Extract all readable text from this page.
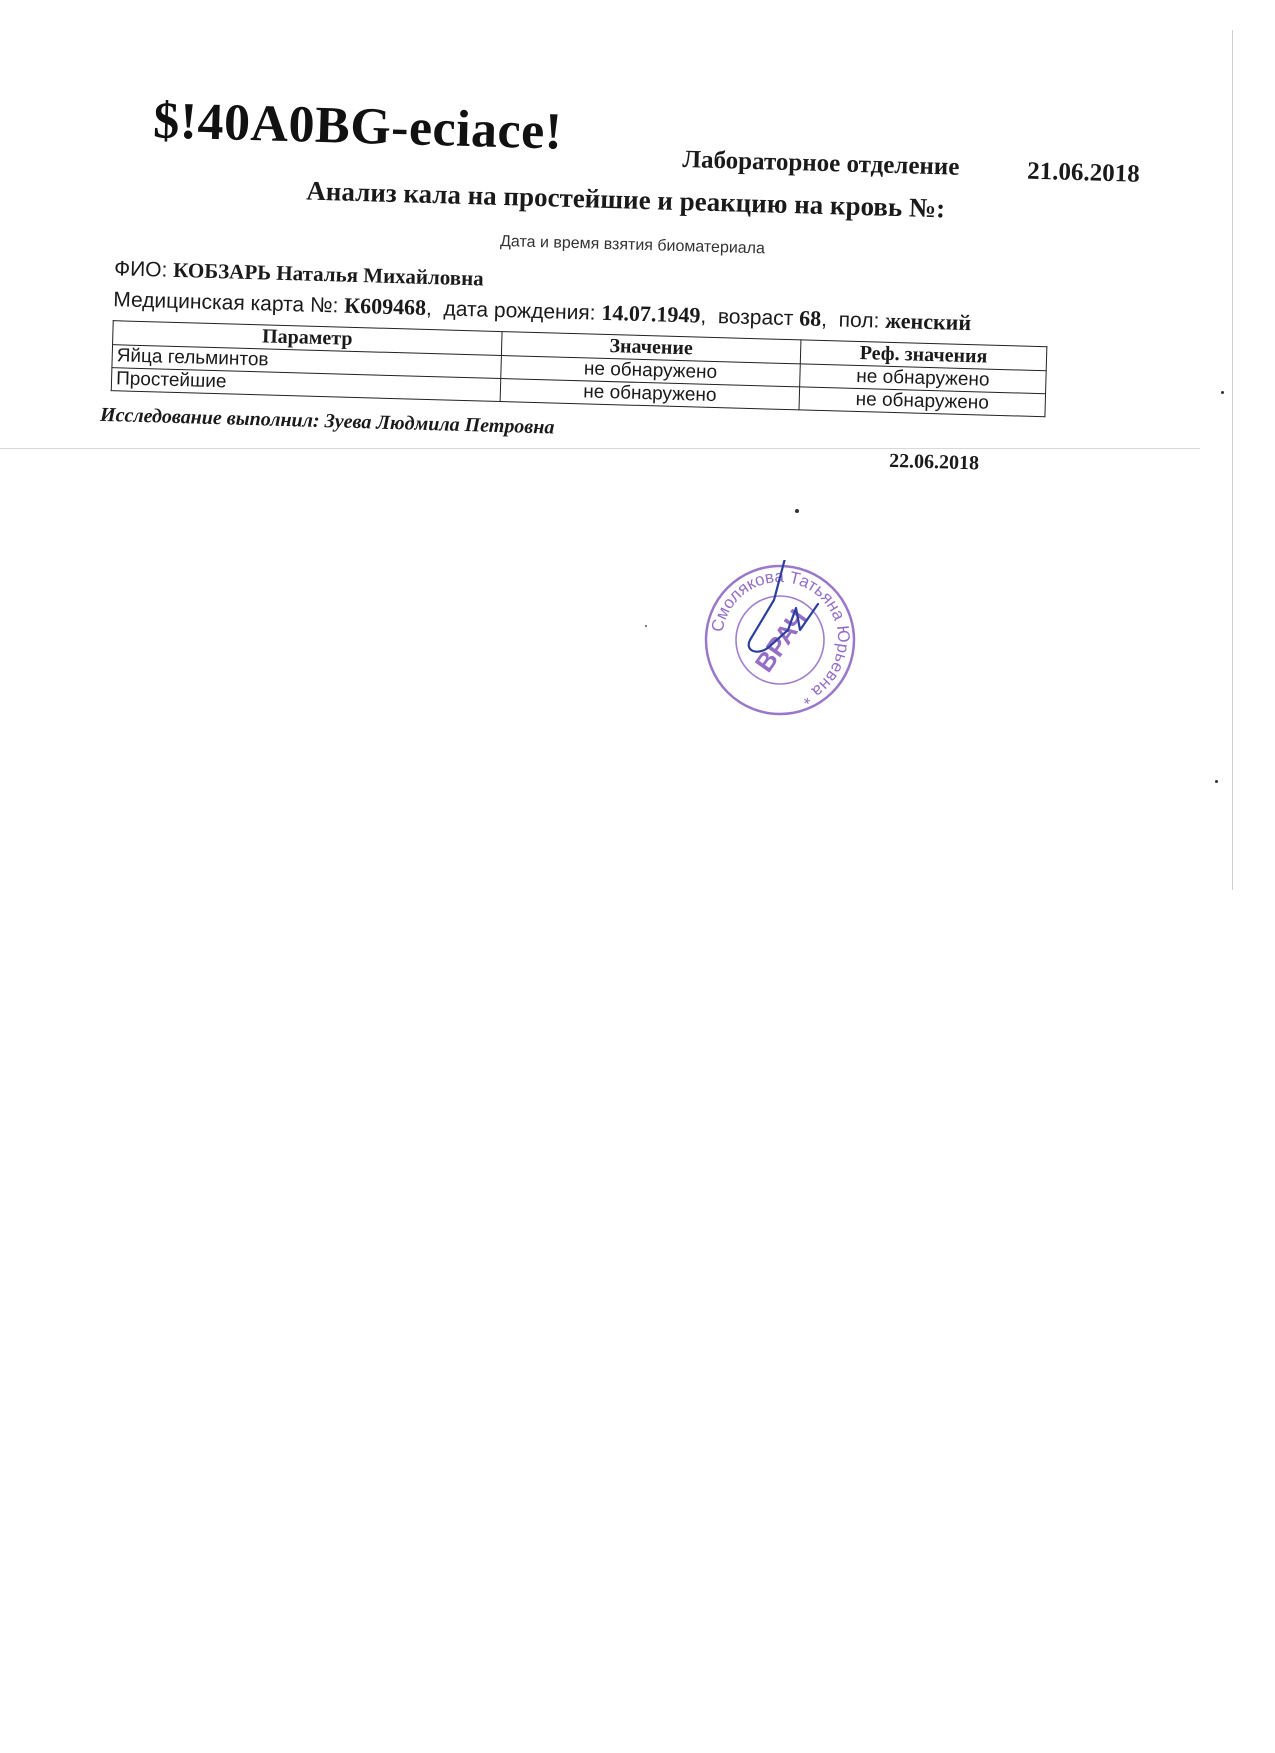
$!40A0BG-eciace!
Лабораторное отделение	21.06.2018
Анализ кала на простейшие и реакцию на кровь №:
Дата и время взятия биоматериала
ФИО: КОБЗАРЬ Наталья Михайловна
Медицинская карта №: К609468,  дата рождения: 14.07.1949,  возраст 68,  пол: женский
Параметр	Значение	Реф. значения
Яйца гельминтов	не обнаружено	не обнаружено
Простейшие	не обнаружено	не обнаружено
Исследование выполнил: Зуева Людмила Петровна
22.06.2018
Смолякова Татьяна Юрьевна *
ВРАЧ
